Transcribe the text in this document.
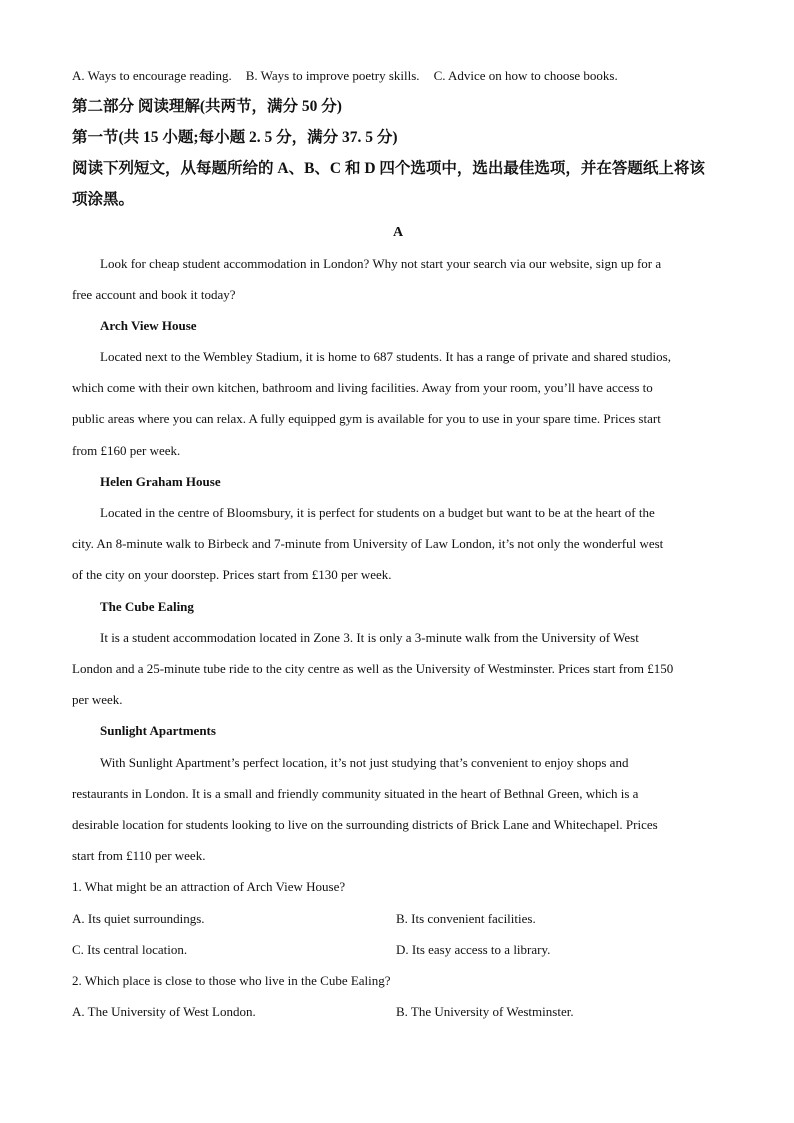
A. Ways to encourage reading. B. Ways to improve poetry skills. C. Advice on how to choose books.
第二部分 阅读理解(共两节，满分 50 分)
第一节(共 15 小题;每小题 2. 5 分，满分 37. 5 分)
阅读下列短文，从每题所给的 A、B、C 和 D 四个选项中，选出最佳选项，并在答题纸上将该
项涂黑。
A
Look for cheap student accommodation in London? Why not start your search via our website, sign up for a
free account and book it today?
Arch View House
Located next to the Wembley Stadium, it is home to 687 students. It has a range of private and shared studios,
which come with their own kitchen, bathroom and living facilities. Away from your room, you’ll have access to
public areas where you can relax. A fully equipped gym is available for you to use in your spare time. Prices start
from £160 per week.
Helen Graham House
Located in the centre of Bloomsbury, it is perfect for students on a budget but want to be at the heart of the
city. An 8-minute walk to Birbeck and 7-minute from University of Law London, it’s not only the wonderful west
of the city on your doorstep. Prices start from £130 per week.
The Cube Ealing
It is a student accommodation located in Zone 3. It is only a 3-minute walk from the University of West
London and a 25-minute tube ride to the city centre as well as the University of Westminster. Prices start from £150
per week.
Sunlight Apartments
With Sunlight Apartment’s perfect location, it’s not just studying that’s convenient to enjoy shops and
restaurants in London. It is a small and friendly community situated in the heart of Bethnal Green, which is a
desirable location for students looking to live on the surrounding districts of Brick Lane and Whitechapel. Prices
start from £110 per week.
1. What might be an attraction of Arch View House?
A. Its quiet surroundings.	B. Its convenient facilities.
C. Its central location.	D. Its easy access to a library.
2. Which place is close to those who live in the Cube Ealing?
A. The University of West London.	B. The University of Westminster.
